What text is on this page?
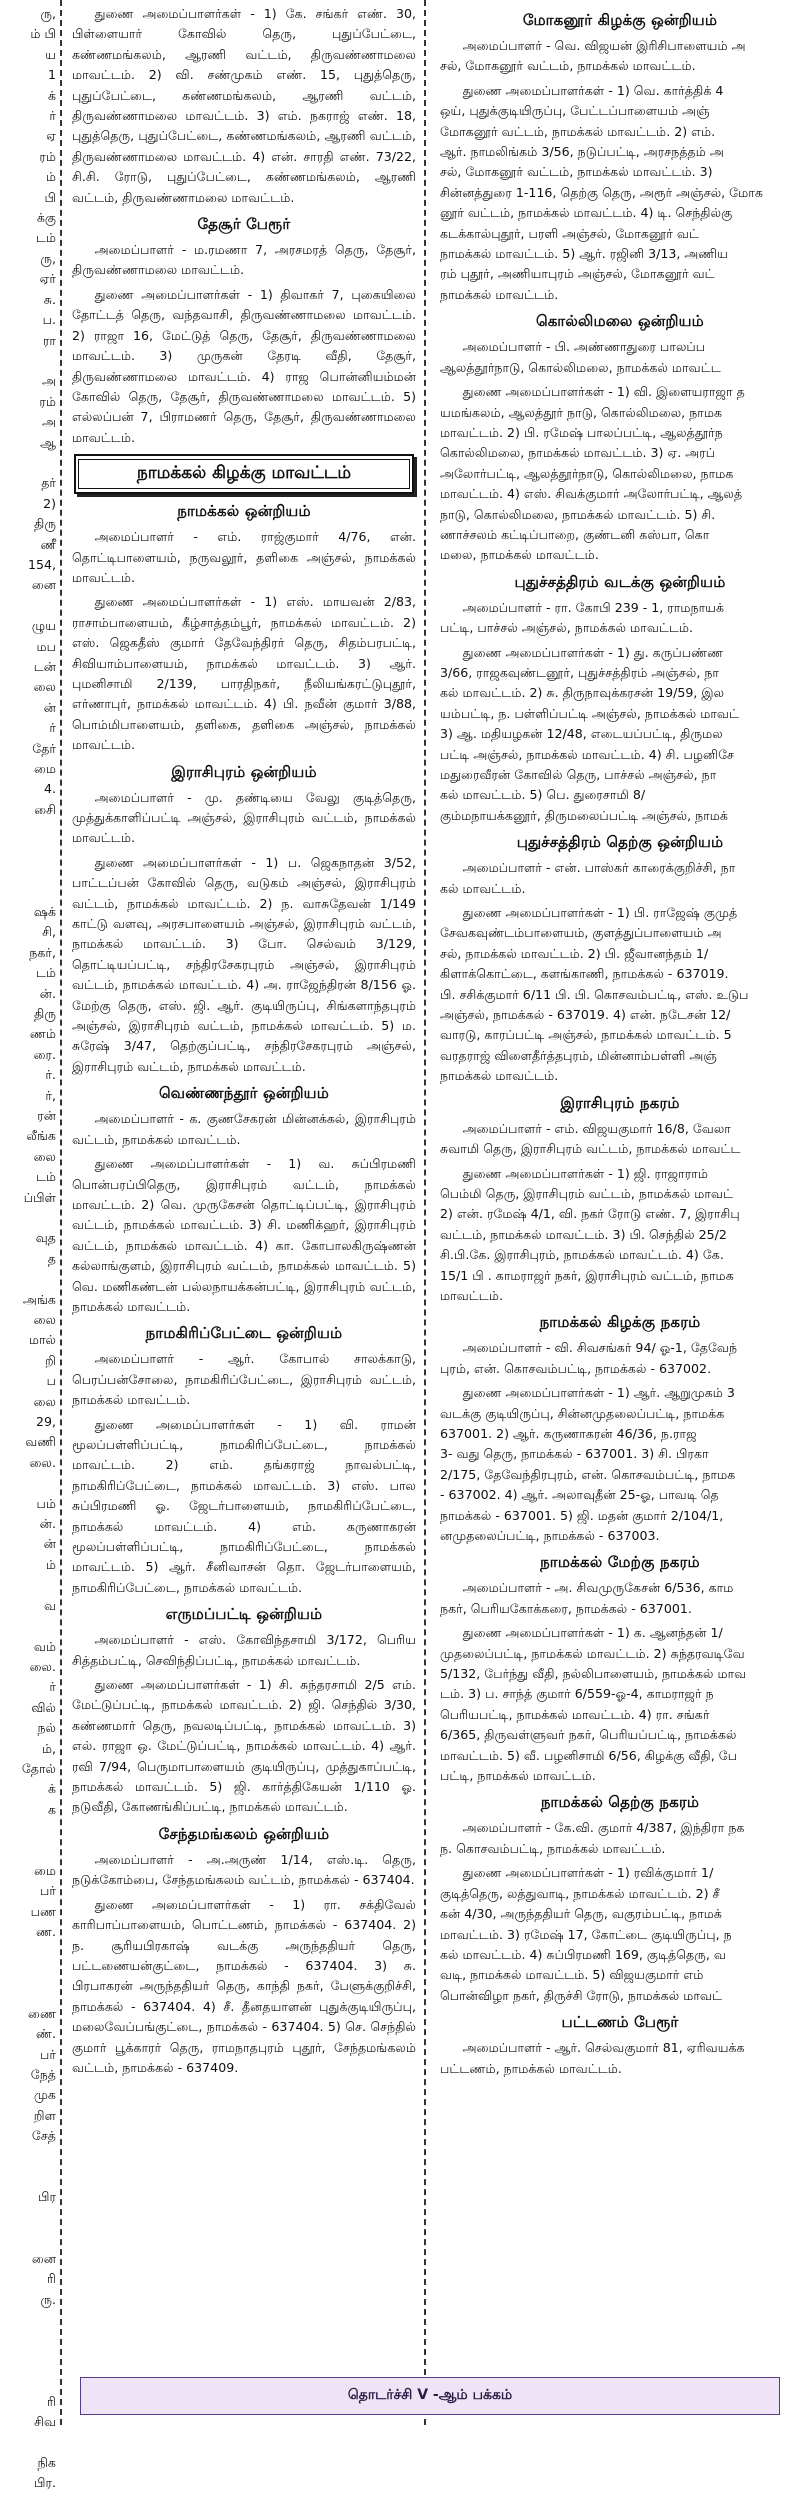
ரு,
ம் பி
ய
1
க்
ர்
ஏ
ரம்
ம்
பி
க்கு
டம்
ரு,
ஏர்
சு.
ப.
ரா

அ
ரம்
அ
ஆ

தர்
2)
திரு
ணீ
154,
னை

ழுய
மப
டன்
லை
ன்
ர்
தேர்
மை
4.
சைி

ஷக்
சி,
நகர்,
டம்
ன்.
திரு
ணம்
ரை.
ர்.
ர்,
ரன்
லீங்க
லை
டம்
ப்பிள்

வுத
த

அங்க
லை
மால்
றி
ப
லை
29,
வணி
லை.

பம்
ன்.
ன்
ம்

வ

வம்
லை.
ர்
வில்
நல்
ம்,
தோல்
க்
க

மை
பர்
பண
ண.

ணை
ண்.
பர்
நேத்
முக
றிள
சேத்

பிர

னை
ரி
ரு.

ரி
சிவ

நிக
பிர.

துணை அமைப்பாளர்கள் - 1) கே. சங்கர் எண். 30, பிள்ளையார் கோவில் தெரு, புதுப்பேட்டை, கண்ணமங்கலம், ஆரணி வட்டம், திருவண்ணாமலை மாவட்டம். 2) வி. சண்முகம் எண். 15, புதுத்தெரு, புதுப்பேட்டை, கண்ணமங்கலம், ஆரணி வட்டம், திருவண்ணாமலை மாவட்டம். 3) எம். நகராஜ் எண். 18, புதுத்தெரு, புதுப்பேட்டை, கண்ணமங்கலம், ஆரணி வட்டம், திருவண்ணாமலை மாவட்டம். 4) என். சாரதி எண். 73/22, சி.சி. ரோடு, புதுப்பேட்டை, கண்ணமங்கலம், ஆரணி வட்டம், திருவண்ணாமலை மாவட்டம்.

தேசூர் பேரூர்

அமைப்பாளர் - ம.ரமணா 7, அரசமரத் தெரு, தேசூர், திருவண்ணாமலை மாவட்டம்.

துணை அமைப்பாளர்கள் - 1) திவாகர் 7, புகையிலை தோட்டத் தெரு, வந்தவாசி, திருவண்ணாமலை மாவட்டம். 2) ராஜா 16, மேட்டுத் தெரு, தேசூர், திருவண்ணாமலை மாவட்டம். 3) முருகன் தேரடி வீதி, தேசூர், திருவண்ணாமலை மாவட்டம். 4) ராஜ பொன்னியம்மன் கோவில் தெரு, தேசூர், திருவண்ணாமலை மாவட்டம். 5) எல்லப்பன் 7, பிராமணர் தெரு, தேசூர், திருவண்ணாமலை மாவட்டம்.

நாமக்கல் கிழக்கு மாவட்டம்
நாமக்கல் ஒன்றியம்

அமைப்பாளர் - எம். ராஜ்குமார் 4/76, என். தொட்டிபாளையம், நருவலூர், தளிகை அஞ்சல், நாமக்கல் மாவட்டம்.

துணை அமைப்பாளர்கள் - 1) எஸ். மாயவன் 2/83, ராசாம்பாளையம், கீழ்சாத்தம்பூர், நாமக்கல் மாவட்டம். 2) எஸ். ஜெகதீஸ் குமார் தேவேந்திரர் தெரு, சிதம்பரபட்டி, சிவியாம்பாளையம், நாமக்கல் மாவட்டம். 3) ஆர். புமனிசாமி 2/139, பாரதிநகர், நீலியங்கரட்டுபுதூர், எர்ணாபுர், நாமக்கல் மாவட்டம். 4) பி. நவீன் குமார் 3/88, பொம்மிபாளையம், தளிகை, தளிகை அஞ்சல், நாமக்கல் மாவட்டம்.

இராசிபுரம் ஒன்றியம்

அமைப்பாளர் - மு. தண்டியை வேலு குடித்தெரு, முத்துக்காளிப்பட்டி அஞ்சல், இராசிபுரம் வட்டம், நாமக்கல் மாவட்டம்.

துணை அமைப்பாளர்கள் - 1) ப. ஜெகநாதன் 3/52, பாட்டப்பன் கோவில் தெரு, வடுகம் அஞ்சல், இராசிபுரம் வட்டம், நாமக்கல் மாவட்டம். 2) ந. வாசுதேவன் 1/149 காட்டு வளவு, அரசபாளையம் அஞ்சல், இராசிபுரம் வட்டம், நாமக்கல் மாவட்டம். 3) போ. செல்வம் 3/129, தொட்டியப்பட்டி, சந்திரசேகரபுரம் அஞ்சல், இராசிபுரம் வட்டம், நாமக்கல் மாவட்டம். 4) அ. ராஜேந்திரன் 8/156 ஓ. மேற்கு தெரு, எஸ். ஜி. ஆர். குடியிருப்பு, சிங்களாந்தபுரம் அஞ்சல், இராசிபுரம் வட்டம், நாமக்கல் மாவட்டம். 5) ம. சுரேஷ் 3/47, தெற்குப்பட்டி, சந்திரசேகரபுரம் அஞ்சல், இராசிபுரம் வட்டம், நாமக்கல் மாவட்டம்.

வெண்ணந்தூர் ஒன்றியம்

அமைப்பாளர் - க. குணசேகரன் மின்னக்கல், இராசிபுரம் வட்டம், நாமக்கல் மாவட்டம்.

துணை அமைப்பாளர்கள் - 1) வ. சுப்பிரமணி பொன்பரப்பிதெரு, இராசிபுரம் வட்டம், நாமக்கல் மாவட்டம். 2) வெ. முருகேசன் தொட்டிப்பட்டி, இராசிபுரம் வட்டம், நாமக்கல் மாவட்டம். 3) சி. மணிக்ஹர், இராசிபுரம் வட்டம், நாமக்கல் மாவட்டம். 4) கா. கோபாலகிருஷ்ணன் கல்லாங்குளம், இராசிபுரம் வட்டம், நாமக்கல் மாவட்டம். 5) வெ. மணிகண்டன் பல்லநாயக்கன்பட்டி, இராசிபுரம் வட்டம், நாமக்கல் மாவட்டம்.

நாமகிரிப்பேட்டை ஒன்றியம்

அமைப்பாளர் - ஆர். கோபால் சாலக்காடு, பெரப்பன்சோலை, நாமகிரிப்பேட்டை, இராசிபுரம் வட்டம், நாமக்கல் மாவட்டம்.

துணை அமைப்பாளர்கள் - 1) வி. ராமன் மூலப்பள்ளிப்பட்டி, நாமகிரிப்பேட்டை, நாமக்கல் மாவட்டம். 2) எம். தங்கராஜ் நாவல்பட்டி, நாமகிரிப்பேட்டை, நாமக்கல் மாவட்டம். 3) எஸ். பால சுப்பிரமணி ஓ. ஜேடர்பாளையம், நாமகிரிப்பேட்டை, நாமக்கல் மாவட்டம். 4) எம். கருணாகரன் மூலப்பள்ளிப்பட்டி, நாமகிரிப்பேட்டை, நாமக்கல் மாவட்டம். 5) ஆர். சீனிவாசன் தொ. ஜேடர்பாளையம், நாமகிரிப்பேட்டை, நாமக்கல் மாவட்டம்.

எருமப்பட்டி ஒன்றியம்

அமைப்பாளர் - எஸ். கோவிந்தசாமி 3/172, பெரிய சித்தம்பட்டி, செவிந்திப்பட்டி, நாமக்கல் மாவட்டம்.

துணை அமைப்பாளர்கள் - 1) சி. சுந்தரசாமி 2/5 எம். மேட்டுப்பட்டி, நாமக்கல் மாவட்டம். 2) ஜி. செந்தில் 3/30, கண்ணமார் தெரு, நவலடிப்பட்டி, நாமக்கல் மாவட்டம். 3) எல். ராஜா ஒ. மேட்டுப்பட்டி, நாமக்கல் மாவட்டம். 4) ஆர். ரவி 7/94, பெருமாபாளையம் குடியிருப்பு, முத்துகாப்பட்டி, நாமக்கல் மாவட்டம். 5) ஜி. கார்த்திகேயன் 1/110 ஓ. நடுவீதி, கோணங்கிப்பட்டி, நாமக்கல் மாவட்டம்.

சேந்தமங்கலம் ஒன்றியம்

அமைப்பாளர் - அ.அருண் 1/14, எஸ்.டி. தெரு, நடுக்கோம்பை, சேந்தமங்கலம் வட்டம், நாமக்கல் - 637404.

துணை அமைப்பாளர்கள் - 1) ரா. சக்திவேல் காரிபாப்பாளையம், பொட்டணம், நாமக்கல் - 637404. 2) ந. சூரியபிரகாஷ் வடக்கு அருந்ததியர் தெரு, பட்டணையன்குட்டை, நாமக்கல் - 637404. 3) சு. பிரபாகரன் அருந்ததியர் தெரு, காந்தி நகர், பேளுக்குறிச்சி, நாமக்கல் - 637404. 4) சீ. தீனதயாளன் புதுக்குடியிருப்பு, மலைவேப்பங்குட்டை, நாமக்கல் - 637404. 5) செ. செந்தில் குமார் பூக்காரர் தெரு, ராமநாதபுரம் புதூர், சேந்தமங்கலம் வட்டம், நாமக்கல் - 637409.

மோகனூர் கிழக்கு ஒன்றியம்
அமைப்பாளர் - வெ. விஜயன் இரிசிபாளையம் அ
சல், மோகனூர் வட்டம், நாமக்கல் மாவட்டம்.
துணை அமைப்பாளர்கள் - 1) வெ. கார்த்திக் 4
ஒய், புதுக்குடியிருப்பு, பேட்டப்பாளையம் அஞ்
மோகனூர் வட்டம், நாமக்கல் மாவட்டம். 2) எம்.
ஆர். நாமலிங்கம் 3/56, நடுப்பட்டி, அரசநத்தம் அ
சல், மோகனூர் வட்டம், நாமக்கல் மாவட்டம். 3)
சின்னத்துரை 1-116, தெற்கு தெரு, அரூர் அஞ்சல், மோக
னூர் வட்டம், நாமக்கல் மாவட்டம். 4) டி. செந்தில்கு
கடக்கால்புதூர், பரளி அஞ்சல், மோகனூர் வட்
நாமக்கல் மாவட்டம். 5) ஆர். ரஜினி 3/13, அணிய
ரம் புதூர், அணியாபுரம் அஞ்சல், மோகனூர் வட்
நாமக்கல் மாவட்டம்.
கொல்லிமலை ஒன்றியம்
அமைப்பாளர் - பி. அண்ணாதுரை பாலப்ப
ஆலத்தூர்நாடு, கொல்லிமலை, நாமக்கல் மாவட்ட
துணை அமைப்பாளர்கள் - 1) வி. இளையராஜா த
யமங்கலம், ஆலத்தூர் நாடு, கொல்லிமலை, நாமக
மாவட்டம். 2) பி. ரமேஷ் பாலப்பட்டி, ஆலத்தூர்ந
கொல்லிமலை, நாமக்கல் மாவட்டம். 3) ஏ. அரப்
அலோர்பட்டி, ஆலத்தூர்நாடு, கொல்லிமலை, நாமக
மாவட்டம். 4) எஸ். சிவக்குமார் அலோர்பட்டி, ஆலத்
நாடு, கொல்லிமலை, நாமக்கல் மாவட்டம். 5) சி.
ணாச்சலம் கட்டிப்பாறை, குண்டனி கஸ்பா, கொ
மலை, நாமக்கல் மாவட்டம்.
புதுச்சத்திரம் வடக்கு ஒன்றியம்
அமைப்பாளர் - ரா. கோபி 239 - 1, ராமநாயக்
பட்டி, பாச்சல் அஞ்சல், நாமக்கல் மாவட்டம்.
துணை அமைப்பாளர்கள் - 1) து. கருப்பண்ண
3/66, ராஜகவுண்டனூர், புதுச்சத்திரம் அஞ்சல், நா
கல் மாவட்டம். 2) சு. திருநாவுக்கரசன் 19/59, இல
யம்பட்டி, ந. பள்ளிப்பட்டி அஞ்சல், நாமக்கல் மாவட்
3) ஆ. மதியழகன் 12/48, எடையப்பட்டி, திருமல
பட்டி அஞ்சல், நாமக்கல் மாவட்டம். 4) சி. பழனிசே
மதுரைவீரன் கோவில் தெரு, பாச்சல் அஞ்சல், நா
கல் மாவட்டம். 5) பெ. துரைசாமி 8/
கும்மநாயக்கனூர், திருமலைப்பட்டி அஞ்சல், நாமக்
புதுச்சத்திரம் தெற்கு ஒன்றியம்
அமைப்பாளர் - என். பாஸ்கர் காரைக்குறிச்சி, நா
கல் மாவட்டம்.
துணை அமைப்பாளர்கள் - 1) பி. ராஜேஷ் குமுத்
சேவகவுண்டம்பாளையம், குளத்துப்பாளையம் அ
சல், நாமக்கல் மாவட்டம். 2) பி. ஜீவானந்தம் 1/
கிளாக்கொட்டை, களங்காணி, நாமக்கல் - 637019.
பி. சசிக்குமார் 6/11 பி. பி. கொசவம்பட்டி, எஸ். உடுப
அஞ்சல், நாமக்கல் - 637019. 4) என். நடேசன் 12/
வாரடு, காரப்பட்டி அஞ்சல், நாமக்கல் மாவட்டம். 5
வரதராஜ் விளைதீர்த்தபுரம், மின்னாம்பள்ளி அஞ்
நாமக்கல் மாவட்டம்.
இராசிபுரம் நகரம்
அமைப்பாளர் - எம். விஜயகுமார் 16/8, வேலா
சுவாமி தெரு, இராசிபுரம் வட்டம், நாமக்கல் மாவட்ட
துணை அமைப்பாளர்கள் - 1) ஜி. ராஜாராம்
பெம்மி தெரு, இராசிபுரம் வட்டம், நாமக்கல் மாவட்
2) என். ரமேஷ் 4/1, வி. நகர் ரோடு எண். 7, இராசிபு
வட்டம், நாமக்கல் மாவட்டம். 3) பி. செந்தில் 25/2
சி.பி.கே. இராசிபுரம், நாமக்கல் மாவட்டம். 4) கே.
15/1 பி . காமராஜர் நகர், இராசிபுரம் வட்டம், நாமக
மாவட்டம்.
நாமக்கல் கிழக்கு நகரம்
அமைப்பாளர் - வி. சிவசங்கர் 94/ ஓ-1, தேவேந்
புரம், என். கொசவம்பட்டி, நாமக்கல் - 637002.
துணை அமைப்பாளர்கள் - 1) ஆர். ஆறுமுகம் 3
வடக்கு குடியிருப்பு, சின்னமுதலைப்பட்டி, நாமக்க
637001. 2) ஆர். கருணாகரன் 46/36, ந.ராஜ
3- வது தெரு, நாமக்கல் - 637001. 3) சி. பிரகா
2/175, தேவேந்திரபுரம், என். கொசவம்பட்டி, நாமக
- 637002. 4) ஆர். அலாவுதீன் 25-ஓ, பாவடி தெ
நாமக்கல் - 637001. 5) ஜி. மதன் குமார் 2/104/1,
னமுதலைப்பட்டி, நாமக்கல் - 637003.
நாமக்கல் மேற்கு நகரம்
அமைப்பாளர் - அ. சிவமுருகேசன் 6/536, காம
நகர், பெரியகோக்கரை, நாமக்கல் - 637001.
துணை அமைப்பாளர்கள் - 1) க. ஆனந்தன் 1/
முதலைப்பட்டி, நாமக்கல் மாவட்டம். 2) சுந்தரவடிவே
5/132, பேர்ந்து வீதி, நல்லிபாளையம், நாமக்கல் மாவ
டம். 3) ப. சாந்த் குமார் 6/559-ஓ-4, காமராஜர் ந
பெரியபட்டி, நாமக்கல் மாவட்டம். 4) ரா. சங்கர்
6/365, திருவள்ளுவர் நகர், பெரியப்பட்டி, நாமக்கல்
மாவட்டம். 5) வீ. பழனிசாமி 6/56, கிழக்கு வீதி, பே
பட்டி, நாமக்கல் மாவட்டம்.
நாமக்கல் தெற்கு நகரம்
அமைப்பாளர் - கே.வி. குமார் 4/387, இந்திரா நக
ந. கொசவம்பட்டி, நாமக்கல் மாவட்டம்.
துணை அமைப்பாளர்கள் - 1) ரவிக்குமார் 1/
குடித்தெரு, லத்துவாடி, நாமக்கல் மாவட்டம். 2) சீ
கன் 4/30, அருந்ததியர் தெரு, வகுரம்பட்டி, நாமக்
மாவட்டம். 3) ரமேஷ் 17, கோட்டை குடியிருப்பு, ந
கல் மாவட்டம். 4) சுப்பிரமணி 169, குடித்தெரு, வ
வடி, நாமக்கல் மாவட்டம். 5) விஜயகுமார் எம்
பொன்விழா நகர், திருச்சி ரோடு, நாமக்கல் மாவட்
பட்டணம் பேரூர்
அமைப்பாளர் - ஆர். செல்வகுமார் 81, ஏரிவயக்க
பட்டணம், நாமக்கல் மாவட்டம்.
தொடர்ச்சி V -ஆம் பக்கம்
